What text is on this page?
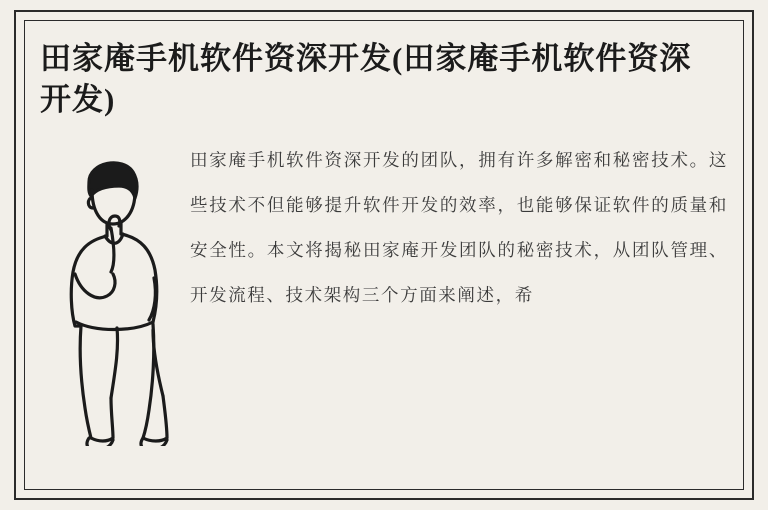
田家庵手机软件资深开发(田家庵手机软件资深开发)

田家庵手机软件资深开发的团队，拥有许多解密和秘密技术。这些技术不但能够提升软件开发的效率，也能够保证软件的质量和安全性。本文将揭秘田家庵开发团队的秘密技术，从团队管理、开发流程、技术架构三个方面来阐述，希
